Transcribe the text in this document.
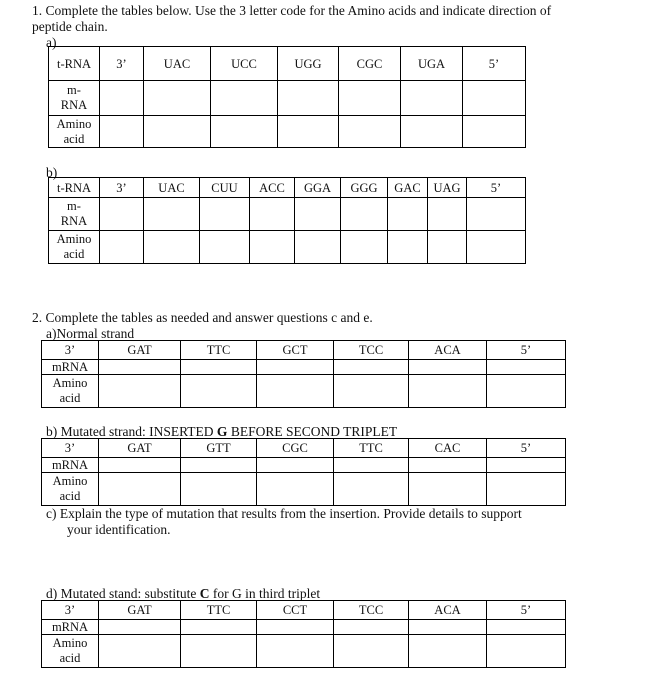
1. Complete the tables below. Use the 3 letter code for the Amino acids and indicate direction of
peptide chain.
a)
t-RNA	3’	UAC	UCC	UGG	CGC	UGA	5’

m-
RNA							

Amino
acid							

b)
t-RNA	3’	UAC	CUU	ACC	GGA	GGG	GAC	UAG	5’

m-
RNA									

Amino
acid									

2. Complete the tables as needed and answer questions c and e.
a)Normal strand
3’	GAT	TTC	GCT	TCC	ACA	5’
mRNA						

Amino
acid						

b) Mutated strand: INSERTED G BEFORE SECOND TRIPLET
3’	GAT	GTT	CGC	TTC	CAC	5’
mRNA						

Amino
acid						

c) Explain the type of mutation that results from the insertion. Provide details to support
your identification.
d) Mutated stand: substitute C for G in third triplet
3’	GAT	TTC	CCT	TCC	ACA	5’
mRNA						

Amino
acid						
